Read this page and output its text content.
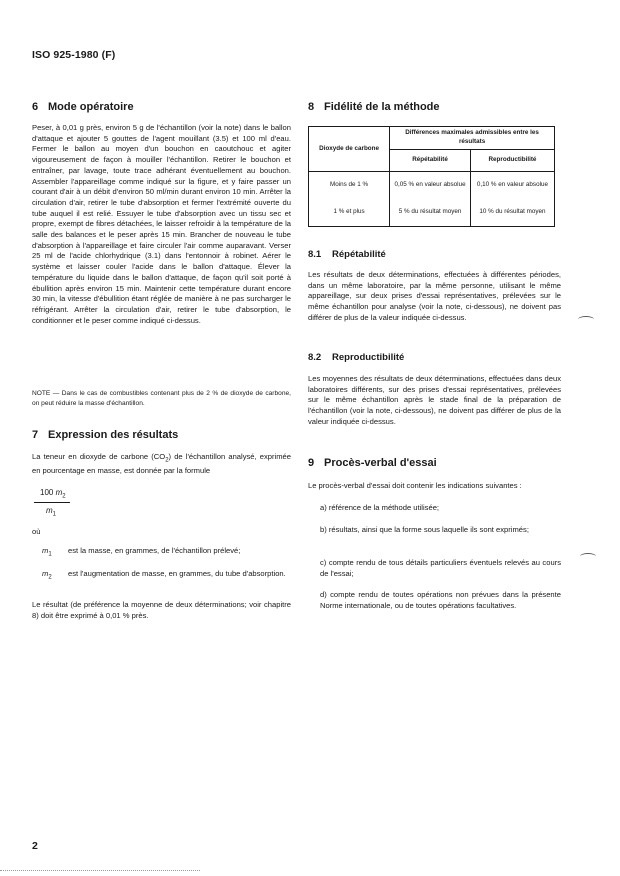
ISO 925-1980 (F)
6 Mode opératoire
Peser, à 0,01 g près, environ 5 g de l'échantillon (voir la note) dans le ballon d'attaque et ajouter 5 gouttes de l'agent mouillant (3.5) et 100 ml d'eau. Fermer le ballon au moyen d'un bouchon en caoutchouc et agiter vigoureusement de façon à mouiller l'échantillon. Retirer le bouchon et entraîner, par lavage, toute trace adhérant éventuellement au bouchon. Assembler l'appareillage comme indiqué sur la figure, et y faire passer un courant d'air à un débit d'environ 50 ml/min durant environ 10 min. Arrêter la circulation d'air, retirer le tube d'absorption et fermer l'extrémité ouverte du tube auquel il est relié. Essuyer le tube d'absorption avec un tissu sec et propre, exempt de fibres détachées, le laisser refroidir à la température de la salle des balances et le peser après 15 min. Brancher de nouveau le tube d'absorption à l'appareillage et faire circuler l'air comme auparavant. Verser 25 ml de l'acide chlorhydrique (3.1) dans l'entonnoir à robinet. Aérer le système et laisser couler l'acide dans le ballon d'attaque. Élever la température du liquide dans le ballon d'attaque, de façon qu'il soit porté à ébullition après environ 15 min. Maintenir cette température durant encore 30 min, la vitesse d'ébullition étant réglée de manière à ne pas surcharger le réfrigérant. Arrêter la circulation d'air, retirer le tube d'absorption, le conditionner et le peser comme indiqué ci-dessus.
NOTE — Dans le cas de combustibles contenant plus de 2 % de dioxyde de carbone, on peut réduire la masse d'échantillon.
7 Expression des résultats
La teneur en dioxyde de carbone $(CO_2)$ de l'échantillon analysé, exprimée en pourcentage en masse, est donnée par la formule
100 $m_2$
$m_1$
où
$m_1$ est la masse, en grammes, de l'échantillon prélevé;
$m_2$ est l'augmentation de masse, en grammes, du tube d'absorption.
Le résultat (de préférence la moyenne de deux déterminations; voir chapitre 8) doit être exprimé à 0,01 % près.
8 Fidélité de la méthode
Dioxyde de carbone	Différences maximales admissibles entre les résultats	
	Répétabilité	Reproductibilité
Moins de 1 %	0,05 % en valeur absolue	0,10 % en valeur absolue
1 % et plus	5 % du résultat moyen	10 % du résultat moyen
8.1 Répétabilité
Les résultats de deux déterminations, effectuées à différentes périodes, dans un même laboratoire, par la même personne, utilisant le même appareillage, sur deux prises d'essai représentatives, prélevées sur le même échantillon pour analyse (voir la note, ci-dessous), ne doivent pas différer de plus de la valeur indiquée ci-dessus.
8.2 Reproductibilité
Les moyennes des résultats de deux déterminations, effectuées dans deux laboratoires différents, sur des prises d'essai représentatives, prélevées sur le même échantillon après le stade final de la préparation de l'échantillon (voir la note, ci-dessous), ne doivent pas différer de plus de la valeur indiquée ci-dessus.
9 Procès-verbal d'essai
Le procès-verbal d'essai doit contenir les indications suivantes :
a) référence de la méthode utilisée;
b) résultats, ainsi que la forme sous laquelle ils sont exprimés;
c) compte rendu de tous détails particuliers éventuels relevés au cours de l'essai;
d) compte rendu de toutes opérations non prévues dans la présente Norme internationale, ou de toutes opérations facultatives.
2
